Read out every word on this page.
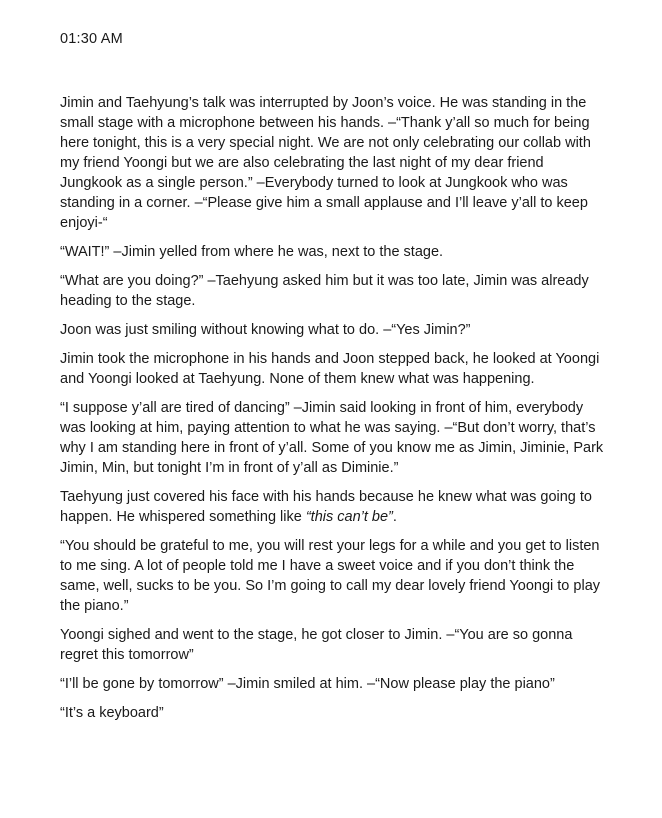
01:30 AM

Jimin and Taehyung’s talk was interrupted by Joon’s voice. He was standing in the small stage with a microphone between his hands. –“Thank y’all so much for being here tonight, this is a very special night. We are not only celebrating our collab with my friend Yoongi but we are also celebrating the last night of my dear friend Jungkook as a single person.” –Everybody turned to look at Jungkook who was standing in a corner. –“Please give him a small applause and I’ll leave y’all to keep enjoyi-“

“WAIT!” –Jimin yelled from where he was, next to the stage.

“What are you doing?” –Taehyung asked him but it was too late, Jimin was already heading to the stage.

Joon was just smiling without knowing what to do. –“Yes Jimin?”

Jimin took the microphone in his hands and Joon stepped back, he looked at Yoongi and Yoongi looked at Taehyung. None of them knew what was happening.

“I suppose y’all are tired of dancing” –Jimin said looking in front of him, everybody was looking at him, paying attention to what he was saying. –“But don’t worry, that’s why I am standing here in front of y’all. Some of you know me as Jimin, Jiminie, Park Jimin, Min, but tonight I’m in front of y’all as Diminie.”

Taehyung just covered his face with his hands because he knew what was going to happen. He whispered something like “this can’t be”.

“You should be grateful to me, you will rest your legs for a while and you get to listen to me sing. A lot of people told me I have a sweet voice and if you don’t think the same, well, sucks to be you. So I’m going to call my dear lovely friend Yoongi to play the piano.”

Yoongi sighed and went to the stage, he got closer to Jimin. –“You are so gonna regret this tomorrow”

“I’ll be gone by tomorrow” –Jimin smiled at him. –“Now please play the piano”

“It’s a keyboard”
